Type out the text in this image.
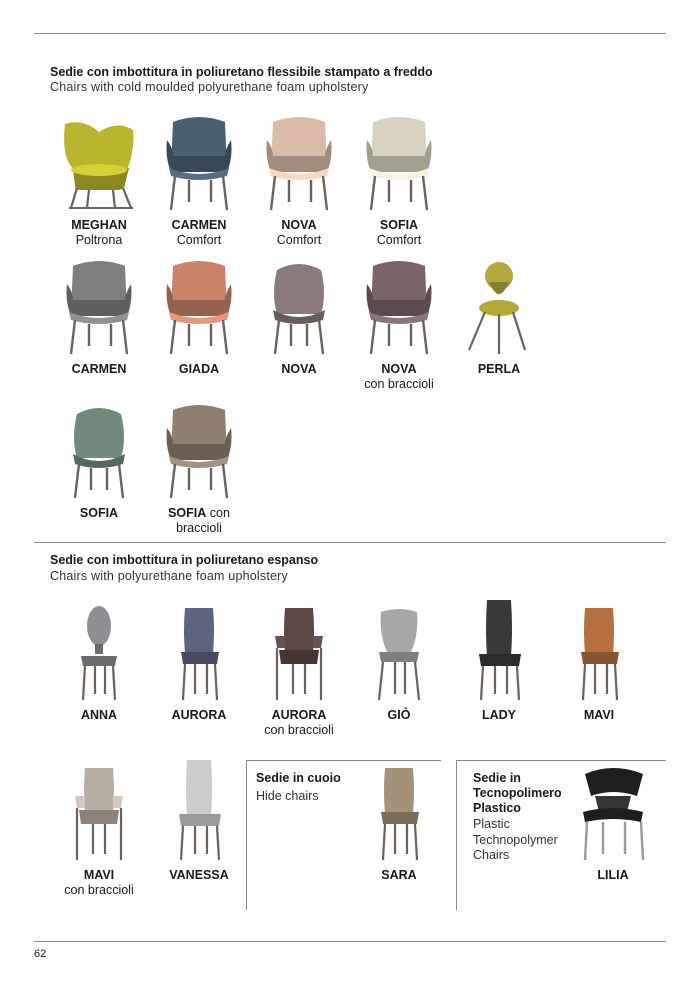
Sedie con imbottitura in poliuretano flessibile stampato a freddo
Chairs with cold moulded polyurethane foam upholstery
MEGHAN
Poltrona
CARMEN
Comfort
NOVA
Comfort
SOFIA
Comfort
CARMEN	GIADA	NOVA	NOVA
con braccioli
PERLA
SOFIA	SOFIA con
braccioli
Sedie con imbottitura in poliuretano espanso
Chairs with polyurethane foam upholstery
ANNA	AURORA	AURORA
con braccioli
GIÒ	LADY	MAVI
MAVI
con braccioli
VANESSA
Sedie in cuoio
Hide chairs
Sedie in
Tecnopolimero
Plastico
Plastic
Technopolymer
Chairs
SARA	LILIA
62
